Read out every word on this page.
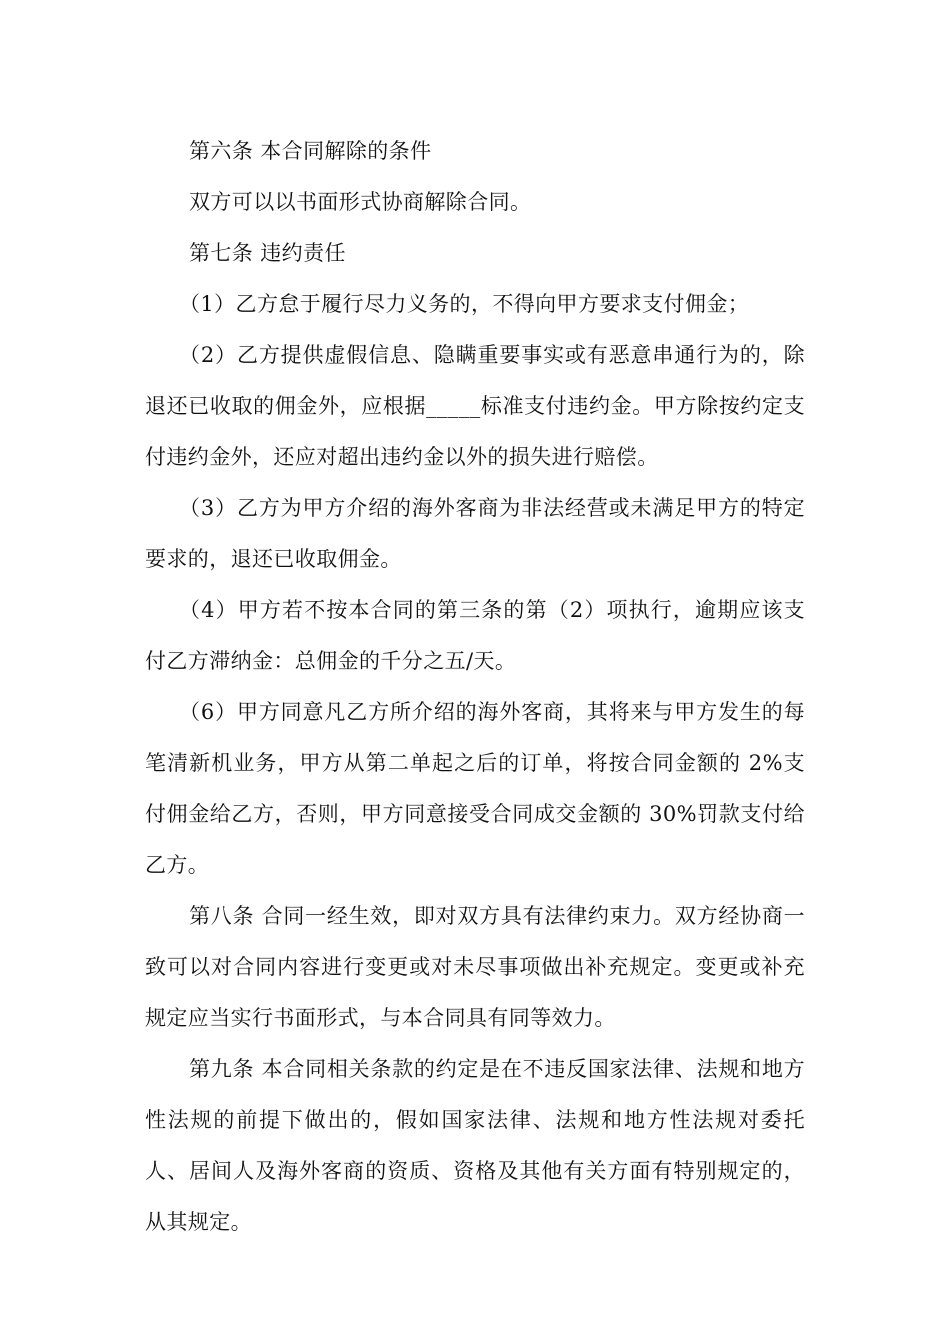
第六条 本合同解除的条件

双方可以以书面形式协商解除合同。

第七条 违约责任

（1）乙方怠于履行尽力义务的，不得向甲方要求支付佣金；

（2）乙方提供虚假信息、隐瞒重要事实或有恶意串通行为的，除退还已收取的佣金外，应根据_____标准支付违约金。甲方除按约定支付违约金外，还应对超出违约金以外的损失进行赔偿。

（3）乙方为甲方介绍的海外客商为非法经营或未满足甲方的特定要求的，退还已收取佣金。

（4）甲方若不按本合同的第三条的第（2）项执行，逾期应该支付乙方滞纳金：总佣金的千分之五/天。

（6）甲方同意凡乙方所介绍的海外客商，其将来与甲方发生的每笔清新机业务，甲方从第二单起之后的订单，将按合同金额的 2%支付佣金给乙方，否则，甲方同意接受合同成交金额的 30%罚款支付给乙方。

第八条 合同一经生效，即对双方具有法律约束力。双方经协商一致可以对合同内容进行变更或对未尽事项做出补充规定。变更或补充规定应当实行书面形式，与本合同具有同等效力。

第九条 本合同相关条款的约定是在不违反国家法律、法规和地方性法规的前提下做出的，假如国家法律、法规和地方性法规对委托人、居间人及海外客商的资质、资格及其他有关方面有特别规定的，从其规定。
